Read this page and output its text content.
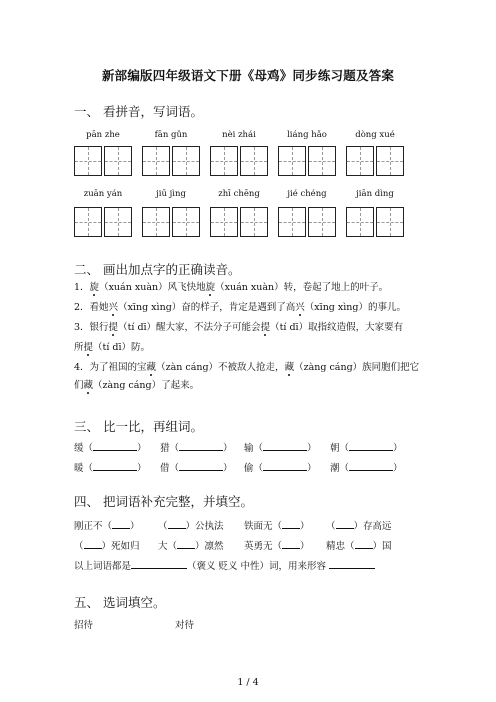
新部编版四年级语文下册《母鸡》同步练习题及答案
一、 看拼音，写词语。
pān zhe	fān gǔn	nèi zhái	liáng hǎo	dòng xué
zuān yán	jiū jìng	zhī chēng	jié chéng	jiān dìng
二、 画出加点字的正确读音。
1．旋（xuán xuàn）风飞快地旋（xuán xuàn）转，卷起了地上的叶子。
2．看她兴（xīng xìng）奋的样子，肯定是遇到了高兴（xīng xìng）的事儿。
3．银行提（tí dī）醒大家，不法分子可能会提（tí dī）取指纹造假，大家要有
所提（tí dī）防。
4．为了祖国的宝藏（zàn cáng）不被敌人抢走，藏（zàng cáng）族同胞们把它
们藏（zàng cáng）了起来。
三、 比一比，再组词。
缓（	） 猎（	） 输（	） 朝（	）
暖（	） 借（	） 偷（	） 潮（	）
四、 把词语补充完整，并填空。
刚正不（ ） （ ）公执法 铁面无（ ） （ ）存高远
（ ）死如归 大（ ）凛然 英勇无（ ） 精忠（ ）国
以上词语都是	（褒义 贬义 中性）词，用来形容
五、 选词填空。
招待	对待
1 / 4
